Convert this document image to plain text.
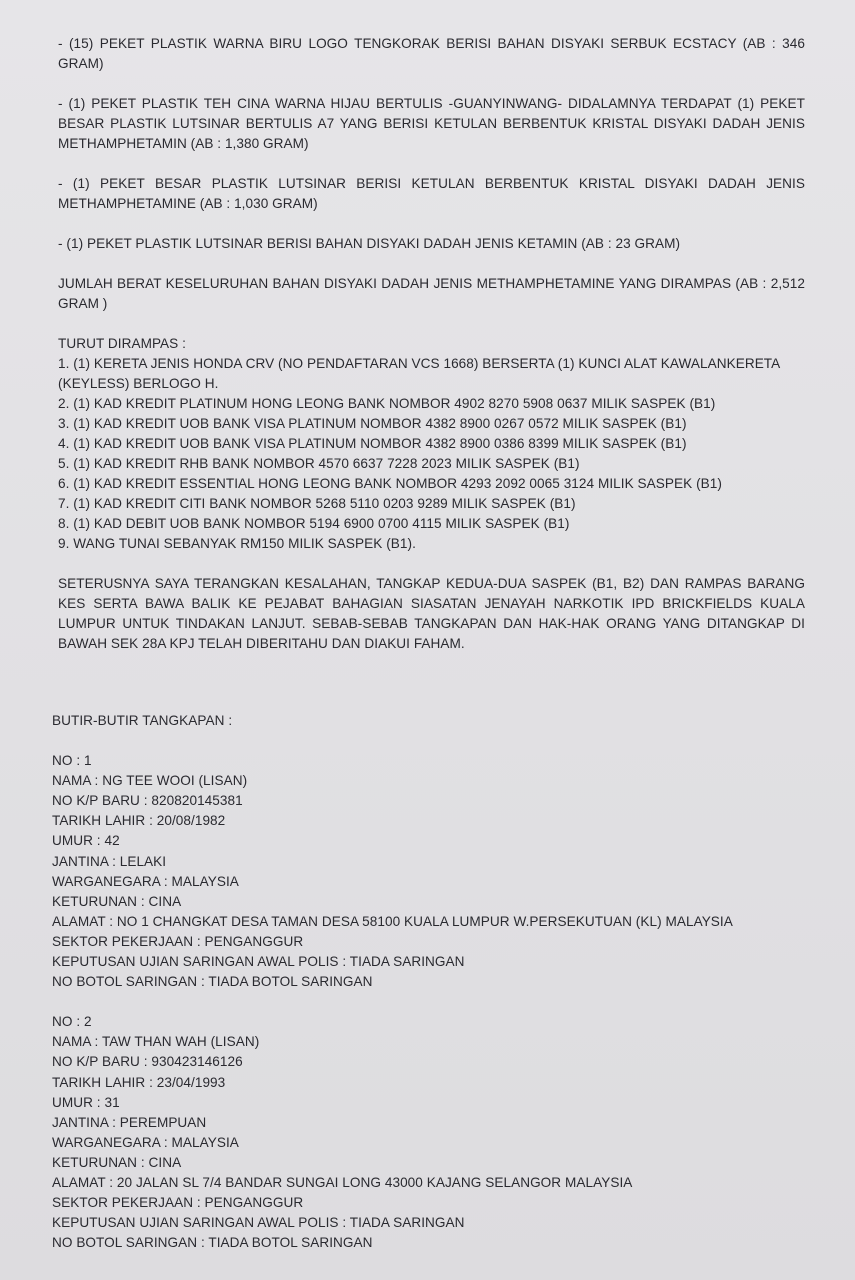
- (15) PEKET PLASTIK WARNA BIRU LOGO TENGKORAK BERISI BAHAN DISYAKI SERBUK ECSTACY (AB : 346 GRAM)

- (1) PEKET PLASTIK TEH CINA WARNA HIJAU BERTULIS -GUANYINWANG- DIDALAMNYA TERDAPAT (1) PEKET BESAR PLASTIK LUTSINAR BERTULIS A7 YANG BERISI KETULAN BERBENTUK KRISTAL DISYAKI DADAH JENIS METHAMPHETAMIN (AB : 1,380 GRAM)

- (1) PEKET BESAR PLASTIK LUTSINAR BERISI KETULAN BERBENTUK KRISTAL DISYAKI DADAH JENIS METHAMPHETAMINE (AB : 1,030 GRAM)

- (1) PEKET PLASTIK LUTSINAR BERISI BAHAN DISYAKI DADAH JENIS KETAMIN (AB : 23 GRAM)

JUMLAH BERAT KESELURUHAN BAHAN DISYAKI DADAH JENIS METHAMPHETAMINE YANG DIRAMPAS (AB : 2,512 GRAM )

TURUT DIRAMPAS :

1. (1) KERETA JENIS HONDA CRV (NO PENDAFTARAN VCS 1668) BERSERTA (1) KUNCI ALAT KAWALANKERETA (KEYLESS) BERLOGO H.
2. (1) KAD KREDIT PLATINUM HONG LEONG BANK NOMBOR 4902 8270 5908 0637 MILIK SASPEK (B1)
3. (1) KAD KREDIT UOB BANK VISA PLATINUM NOMBOR 4382 8900 0267 0572 MILIK SASPEK (B1)
4. (1) KAD KREDIT UOB BANK VISA PLATINUM NOMBOR 4382 8900 0386 8399 MILIK SASPEK (B1)
5. (1) KAD KREDIT RHB BANK NOMBOR 4570 6637 7228 2023 MILIK SASPEK (B1)
6. (1) KAD KREDIT ESSENTIAL HONG LEONG BANK NOMBOR 4293 2092 0065 3124 MILIK SASPEK (B1)
7. (1) KAD KREDIT CITI BANK NOMBOR 5268 5110 0203 9289 MILIK SASPEK (B1)
8. (1) KAD DEBIT UOB BANK NOMBOR 5194 6900 0700 4115 MILIK SASPEK (B1)
9. WANG TUNAI SEBANYAK RM150 MILIK SASPEK (B1).

SETERUSNYA SAYA TERANGKAN KESALAHAN, TANGKAP KEDUA-DUA SASPEK (B1, B2) DAN RAMPAS BARANG KES SERTA BAWA BALIK KE PEJABAT BAHAGIAN SIASATAN JENAYAH NARKOTIK IPD BRICKFIELDS KUALA LUMPUR UNTUK TINDAKAN LANJUT. SEBAB-SEBAB TANGKAPAN DAN HAK-HAK ORANG YANG DITANGKAP DI BAWAH SEK 28A KPJ TELAH DIBERITAHU DAN DIAKUI FAHAM.

BUTIR-BUTIR TANGKAPAN :

NO : 1

NAMA : NG TEE WOOI (LISAN)

NO K/P BARU : 820820145381

TARIKH LAHIR : 20/08/1982

UMUR : 42

JANTINA : LELAKI

WARGANEGARA : MALAYSIA

KETURUNAN : CINA

ALAMAT : NO 1 CHANGKAT DESA TAMAN DESA 58100 KUALA LUMPUR W.PERSEKUTUAN (KL) MALAYSIA

SEKTOR PEKERJAAN : PENGANGGUR

KEPUTUSAN UJIAN SARINGAN AWAL POLIS : TIADA SARINGAN

NO BOTOL SARINGAN : TIADA BOTOL SARINGAN

NO : 2

NAMA : TAW THAN WAH (LISAN)

NO K/P BARU : 930423146126

TARIKH LAHIR : 23/04/1993

UMUR : 31

JANTINA : PEREMPUAN

WARGANEGARA : MALAYSIA

KETURUNAN : CINA

ALAMAT : 20 JALAN SL 7/4 BANDAR SUNGAI LONG 43000 KAJANG SELANGOR MALAYSIA

SEKTOR PEKERJAAN : PENGANGGUR

KEPUTUSAN UJIAN SARINGAN AWAL POLIS : TIADA SARINGAN

NO BOTOL SARINGAN : TIADA BOTOL SARINGAN
